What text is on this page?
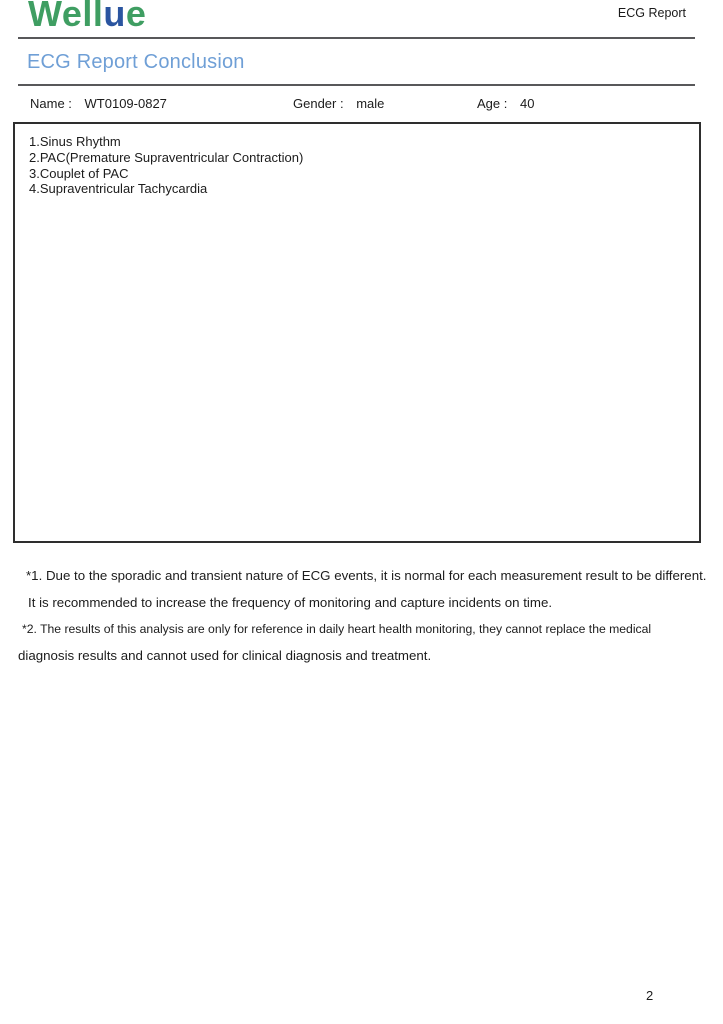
Wellue	ECG Report
ECG Report Conclusion
Name : WT0109-0827	Gender : male	Age : 40
1.Sinus Rhythm
2.PAC(Premature Supraventricular Contraction)
3.Couplet of PAC
4.Supraventricular Tachycardia
*1. Due to the sporadic and transient nature of ECG events, it is normal for each measurement result to be different.
It is recommended to increase the frequency of monitoring and capture incidents on time.
*2. The results of this analysis are only for reference in daily heart health monitoring, they cannot replace the medical
diagnosis results and cannot used for clinical diagnosis and treatment.
2
